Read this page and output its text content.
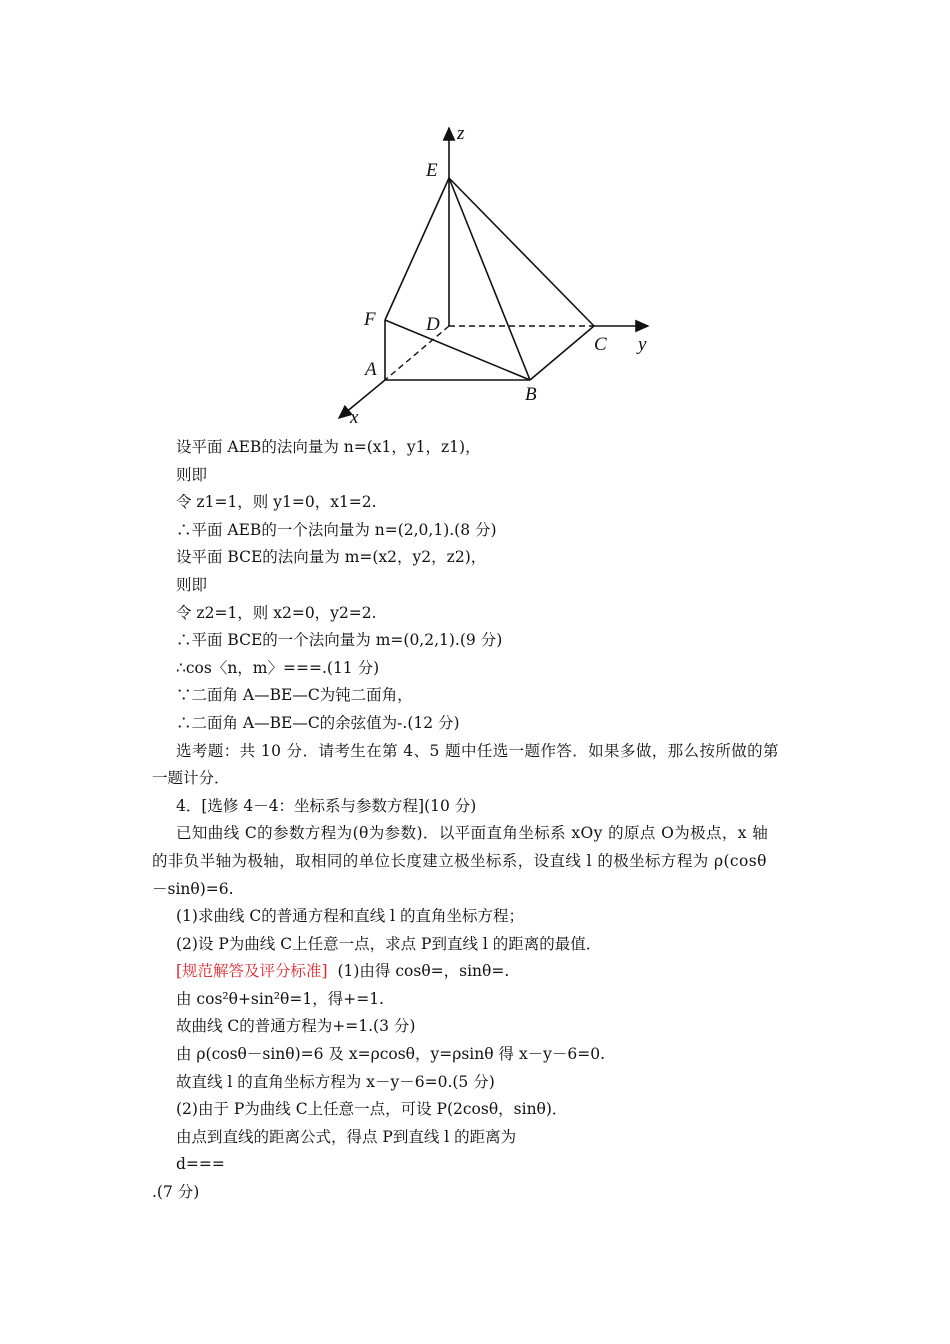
z
E
F	D
C y
A
B
x
设平面 AEB的法向量为 n=(x1，y1，z1)，
则即
令 z1=1，则 y1=0，x1=2.
∴平面 AEB的一个法向量为 n=(2,0,1).(8 分)
设平面 BCE的法向量为 m=(x2，y2，z2)，
则即
令 z2=1，则 x2=0，y2=2.
∴平面 BCE的一个法向量为 m=(0,2,1).(9 分)
∴cos〈n，m〉===.(11 分)
∵二面角 A—BE—C为钝二面角，
∴二面角 A—BE—C的余弦值为-.(12 分)
选考题：共 10 分．请考生在第 4、5 题中任选一题作答．如果多做，那么按所做的第
一题计分．
4．[选修 4－4：坐标系与参数方程](10 分)
已知曲线 C的参数方程为(θ为参数)．以平面直角坐标系 xOy 的原点 O为极点，x 轴
的非负半轴为极轴，取相同的单位长度建立极坐标系，设直线 l 的极坐标方程为 ρ(cosθ
－sinθ)=6.
(1)求曲线 C的普通方程和直线 l 的直角坐标方程；
(2)设 P为曲线 C上任意一点，求点 P到直线 l 的距离的最值．
[规范解答及评分标准] (1)由得 cosθ=，sinθ=.
由 cos²θ+sin²θ=1，得+=1.
故曲线 C的普通方程为+=1.(3 分)
由 ρ(cosθ－sinθ)=6 及 x=ρcosθ，y=ρsinθ 得 x－y－6=0.
故直线 l 的直角坐标方程为 x－y－6=0.(5 分)
(2)由于 P为曲线 C上任意一点，可设 P(2cosθ，sinθ)．
由点到直线的距离公式，得点 P到直线 l 的距离为
d===
.(7 分)
